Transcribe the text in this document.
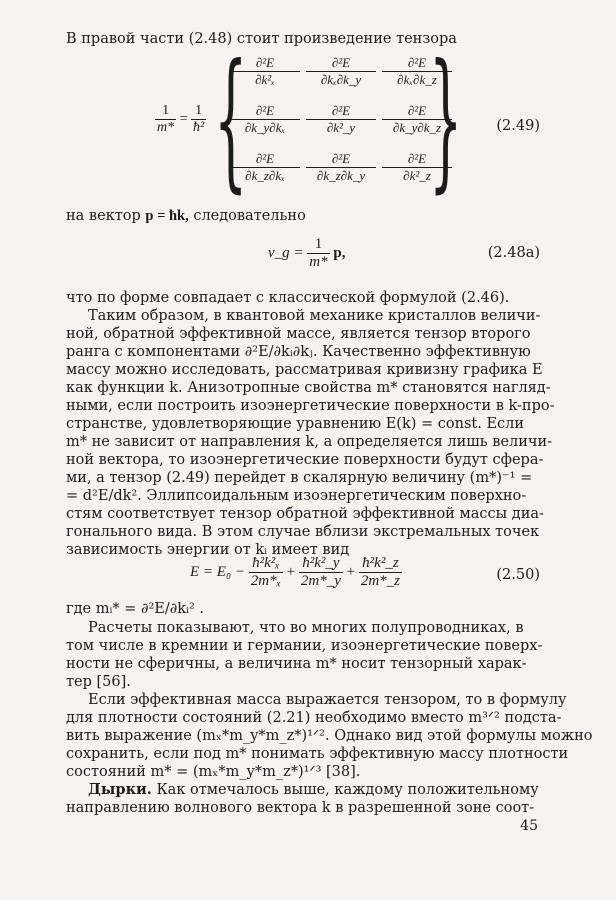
В правой части (2.48) стоит произведение тензора
$\frac{1}{m*} = \frac{1}{\text{ħ²}}$ { }
$\frac{\text{∂²E}}{\text{∂k²ₓ}} \frac{\text{∂²E}}{\text{∂kₓ∂k\_y}} \frac{\text{∂²E}}{\text{∂kₓ∂k\_z}}$
$\frac{\text{∂²E}}{\text{∂k\_y∂kₓ}} \frac{\text{∂²E}}{\text{∂k²\_y}} \frac{\text{∂²E}}{\partial k\_y\partial k\_z}$
$\frac{\text{∂²E}}{\text{∂k\_z∂kₓ}} \frac{\text{∂²E}}{\partial k\_z\partial k\_y} \frac{\text{∂²E}}{\text{∂k²\_z}}$
(2.49)
на вектор p = ħk, следовательно
v_g = $\frac{1}{m*} p$,	(2.48a)
что по форме совпадает с классической формулой (2.46).
Таким образом, в квантовой механике кристаллов величи-
ной, обратной эффективной массе, является тензор второго
ранга с компонентами ∂²E/∂kᵢ∂kⱼ. Качественно эффективную
массу можно исследовать, рассматривая кривизну графика E
как функции k. Анизотропные свойства m* становятся нагляд-
ными, если построить изоэнергетические поверхности в k-про-
странстве, удовлетворяющие уравнению E(k) = const. Если
m* не зависит от направления k, а определяется лишь величи-
ной вектора, то изоэнергетические поверхности будут сфера-
ми, а тензор (2.49) перейдет в скалярную величину (m*)⁻¹ =
= d²E/dk². Эллипсоидальным изоэнергетическим поверхно-
стям соответствует тензор обратной эффективной массы диа-
гонального вида. В этом случае вблизи экстремальных точек
зависимость энергии от kᵢ имеет вид
$E = E_0 - \frac{\text{ħ²k²ₓ}}{\text{2m*ₓ}} + \frac{\text{ħ²k²\_y}}{2m*\_y} + \frac{\text{ħ²k²\_z}}{2m*\_z}$	(2.50)
где mᵢ* = ∂²E/∂kᵢ² .
Расчеты показывают, что во многих полупроводниках, в
том числе в кремнии и германии, изоэнергетические поверх-
ности не сферичны, а величина m* носит тензорный харак-
тер [56].
Если эффективная масса выражается тензором, то в формулу
для плотности состояний (2.21) необходимо вместо m³ᐟ² подста-
вить выражение (mₓ*m_y*m_z*)¹ᐟ². Однако вид этой формулы можно
сохранить, если под m* понимать эффективную массу плотности
состояний m* = (mₓ*m_y*m_z*)¹ᐟ³ [38].
Дырки. Как отмечалось выше, каждому положительному
направлению волнового вектора k в разрешенной зоне соот-
45
